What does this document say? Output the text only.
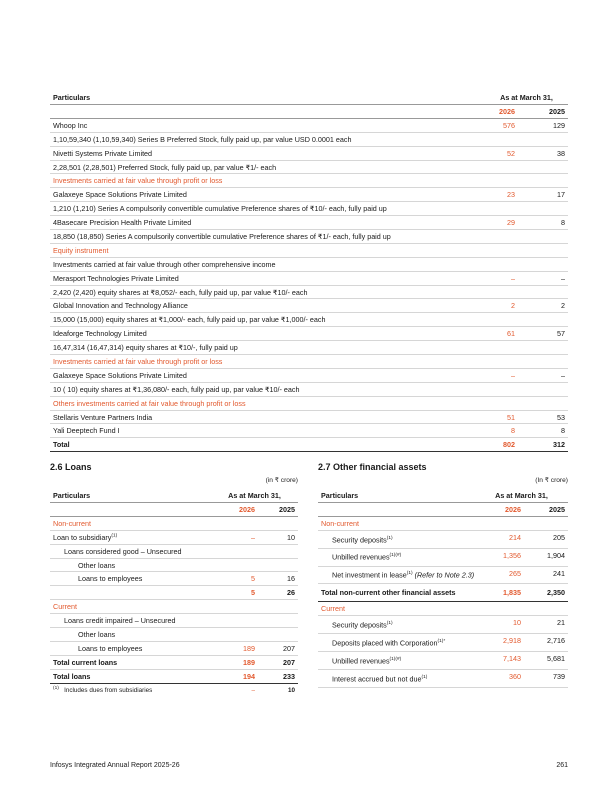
Particulars	As at March 31,	
	2026	2025
Whoop Inc	576	129
1,10,59,340 (1,10,59,340) Series B Preferred Stock, fully paid up, par value USD 0.0001 each		
Nivetti Systems Private Limited	52	38
2,28,501 (2,28,501) Preferred Stock, fully paid up, par value ₹1/- each		
Investments carried at fair value through profit or loss		
Galaxeye Space Solutions Private Limited	23	17
1,210 (1,210) Series A compulsorily convertible cumulative Preference shares of ₹10/- each, fully paid up		
4Basecare Precision Health Private Limited	29	8
18,850 (18,850) Series A compulsorily convertible cumulative Preference shares of ₹1/- each, fully paid up		
Equity instrument		
Investments carried at fair value through other comprehensive income		
Merasport Technologies Private Limited	–	–
2,420 (2,420) equity shares at ₹8,052/- each, fully paid up, par value ₹10/- each		
Global Innovation and Technology Alliance	2	2
15,000 (15,000) equity shares at ₹1,000/- each, fully paid up, par value ₹1,000/- each		
Ideaforge Technology Limited	61	57
16,47,314 (16,47,314) equity shares at ₹10/-, fully paid up		
Investments carried at fair value through profit or loss		
Galaxeye Space Solutions Private Limited	–	–
10 ( 10) equity shares at ₹1,36,080/- each, fully paid up, par value ₹10/- each		
Others investments carried at fair value through profit or loss		
Stellaris Venture Partners India	51	53
Yali Deeptech Fund I	8	8
Total	802	312
2.6 Loans
(in ₹ crore)
Particulars	As at March 31,	
	2026	2025
Non-current		
Loan to subsidiary$^{(1)}$	–	10
Loans considered good – Unsecured		
Other loans		
Loans to employees	5	16
	5	26
Current		
Loans credit impaired – Unsecured		
Other loans		
Loans to employees	189	207
Total current loans	189	207
Total loans	194	233
$^{(1)}$ Includes dues from subsidiaries	–	10
2.7 Other financial assets
(In ₹ crore)
Particulars	As at March 31,	
	2026	2025
Non-current		
Security deposits$^{(1)}$	214	205
Unbilled revenues$^{(1)(\#)}$	1,356	1,904
Net investment in lease$^{(1)}$ (Refer to Note 2.3)	265	241
Total non-current other financial assets	1,835	2,350
Current		
Security deposits$^{(1)}$	10	21
Deposits placed with Corporation$^{(1)*}$	2,918	2,716
Unbilled revenues$^{(1)(\#)}$	7,143	5,681
Interest accrued but not due$^{(1)}$	360	739
Infosys Integrated Annual Report 2025-26	261
